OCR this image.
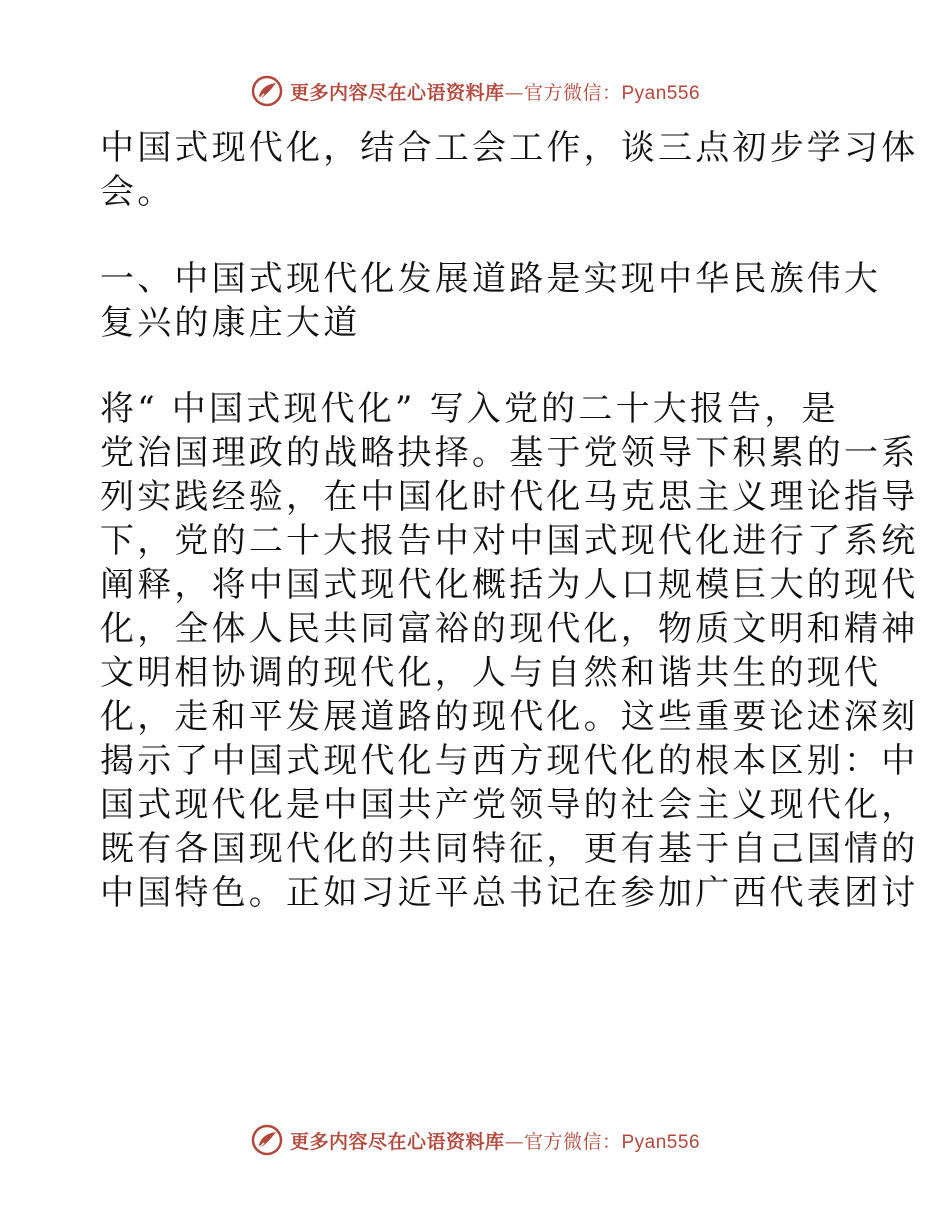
更多内容尽在心语资料库—官方微信：Pyan556
中国式现代化，结合工会工作，谈三点初步学习体
会。
一、中国式现代化发展道路是实现中华民族伟大
复兴的康庄大道
将“ 中国式现代化” 写入党的二十大报告，是
党治国理政的战略抉择。基于党领导下积累的一系
列实践经验，在中国化时代化马克思主义理论指导
下，党的二十大报告中对中国式现代化进行了系统
阐释，将中国式现代化概括为人口规模巨大的现代
化，全体人民共同富裕的现代化，物质文明和精神
文明相协调的现代化，人与自然和谐共生的现代
化，走和平发展道路的现代化。这些重要论述深刻
揭示了中国式现代化与西方现代化的根本区别：中
国式现代化是中国共产党领导的社会主义现代化，
既有各国现代化的共同特征，更有基于自己国情的
中国特色。正如习近平总书记在参加广西代表团讨
更多内容尽在心语资料库—官方微信：Pyan556
